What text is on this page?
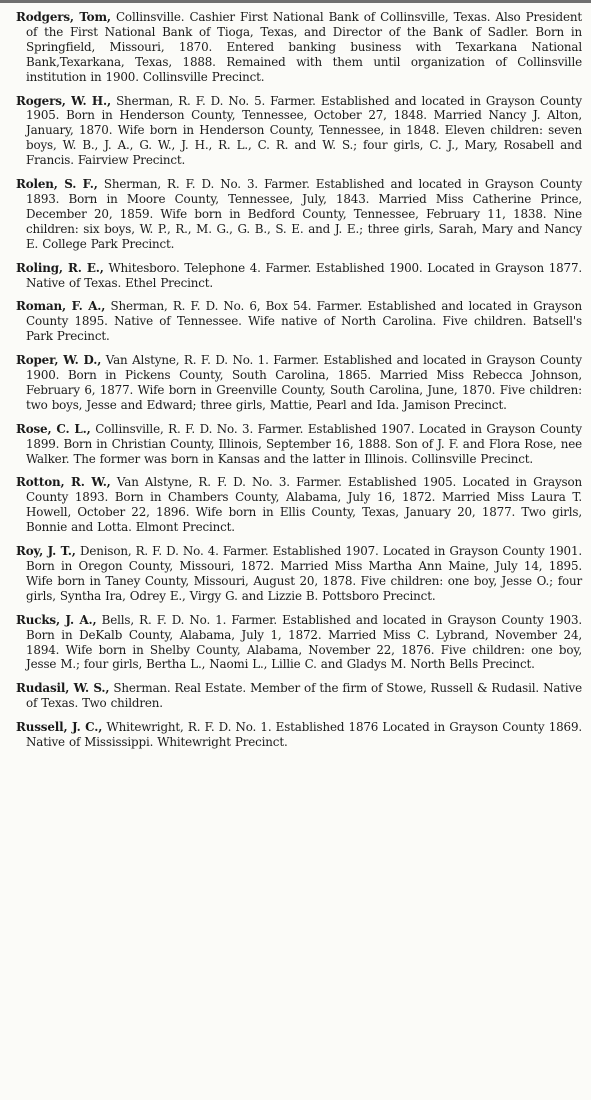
Rodgers, Tom, Collinsville. Cashier First National Bank of Collinsville, Texas. Also President of the First National Bank of Tioga, Texas, and Director of the Bank of Sadler. Born in Springfield, Missouri, 1870. Entered banking business with Texarkana National Bank,Texarkana, Texas, 1888. Remained with them until organization of Collinsville institution in 1900. Collinsville Precinct.

Rogers, W. H., Sherman, R. F. D. No. 5. Farmer. Established and located in Grayson County 1905. Born in Henderson County, Tennessee, October 27, 1848. Married Nancy J. Alton, January, 1870. Wife born in Henderson County, Tennessee, in 1848. Eleven children: seven boys, W. B., J. A., G. W., J. H., R. L., C. R. and W. S.; four girls, C. J., Mary, Rosabell and Francis. Fairview Precinct.

Rolen, S. F., Sherman, R. F. D. No. 3. Farmer. Established and located in Grayson County 1893. Born in Moore County, Tennessee, July, 1843. Married Miss Catherine Prince, December 20, 1859. Wife born in Bedford County, Tennessee, February 11, 1838. Nine children: six boys, W. P., R., M. G., G. B., S. E. and J. E.; three girls, Sarah, Mary and Nancy E. College Park Precinct.

Roling, R. E., Whitesboro. Telephone 4. Farmer. Established 1900. Located in Grayson 1877. Native of Texas. Ethel Precinct.

Roman, F. A., Sherman, R. F. D. No. 6, Box 54. Farmer. Established and located in Grayson County 1895. Native of Tennessee. Wife native of North Carolina. Five children. Batsell's Park Precinct.

Roper, W. D., Van Alstyne, R. F. D. No. 1. Farmer. Established and located in Grayson County 1900. Born in Pickens County, South Carolina, 1865. Married Miss Rebecca Johnson, February 6, 1877. Wife born in Greenville County, South Carolina, June, 1870. Five children: two boys, Jesse and Edward; three girls, Mattie, Pearl and Ida. Jamison Precinct.

Rose, C. L., Collinsville, R. F. D. No. 3. Farmer. Established 1907. Located in Grayson County 1899. Born in Christian County, Illinois, September 16, 1888. Son of J. F. and Flora Rose, nee Walker. The former was born in Kansas and the latter in Illinois. Collinsville Precinct.

Rotton, R. W., Van Alstyne, R. F. D. No. 3. Farmer. Established 1905. Located in Grayson County 1893. Born in Chambers County, Alabama, July 16, 1872. Married Miss Laura T. Howell, October 22, 1896. Wife born in Ellis County, Texas, January 20, 1877. Two girls, Bonnie and Lotta. Elmont Precinct.

Roy, J. T., Denison, R. F. D. No. 4. Farmer. Established 1907. Located in Grayson County 1901. Born in Oregon County, Missouri, 1872. Married Miss Martha Ann Maine, July 14, 1895. Wife born in Taney County, Missouri, August 20, 1878. Five children: one boy, Jesse O.; four girls, Syntha Ira, Odrey E., Virgy G. and Lizzie B. Pottsboro Precinct.

Rucks, J. A., Bells, R. F. D. No. 1. Farmer. Established and located in Grayson County 1903. Born in DeKalb County, Alabama, July 1, 1872. Married Miss C. Lybrand, November 24, 1894. Wife born in Shelby County, Alabama, November 22, 1876. Five children: one boy, Jesse M.; four girls, Bertha L., Naomi L., Lillie C. and Gladys M. North Bells Precinct.

Rudasil, W. S., Sherman. Real Estate. Member of the firm of Stowe, Russell & Rudasil. Native of Texas. Two children.

Russell, J. C., Whitewright, R. F. D. No. 1. Established 1876 Located in Grayson County 1869. Native of Mississippi. Whitewright Precinct.
